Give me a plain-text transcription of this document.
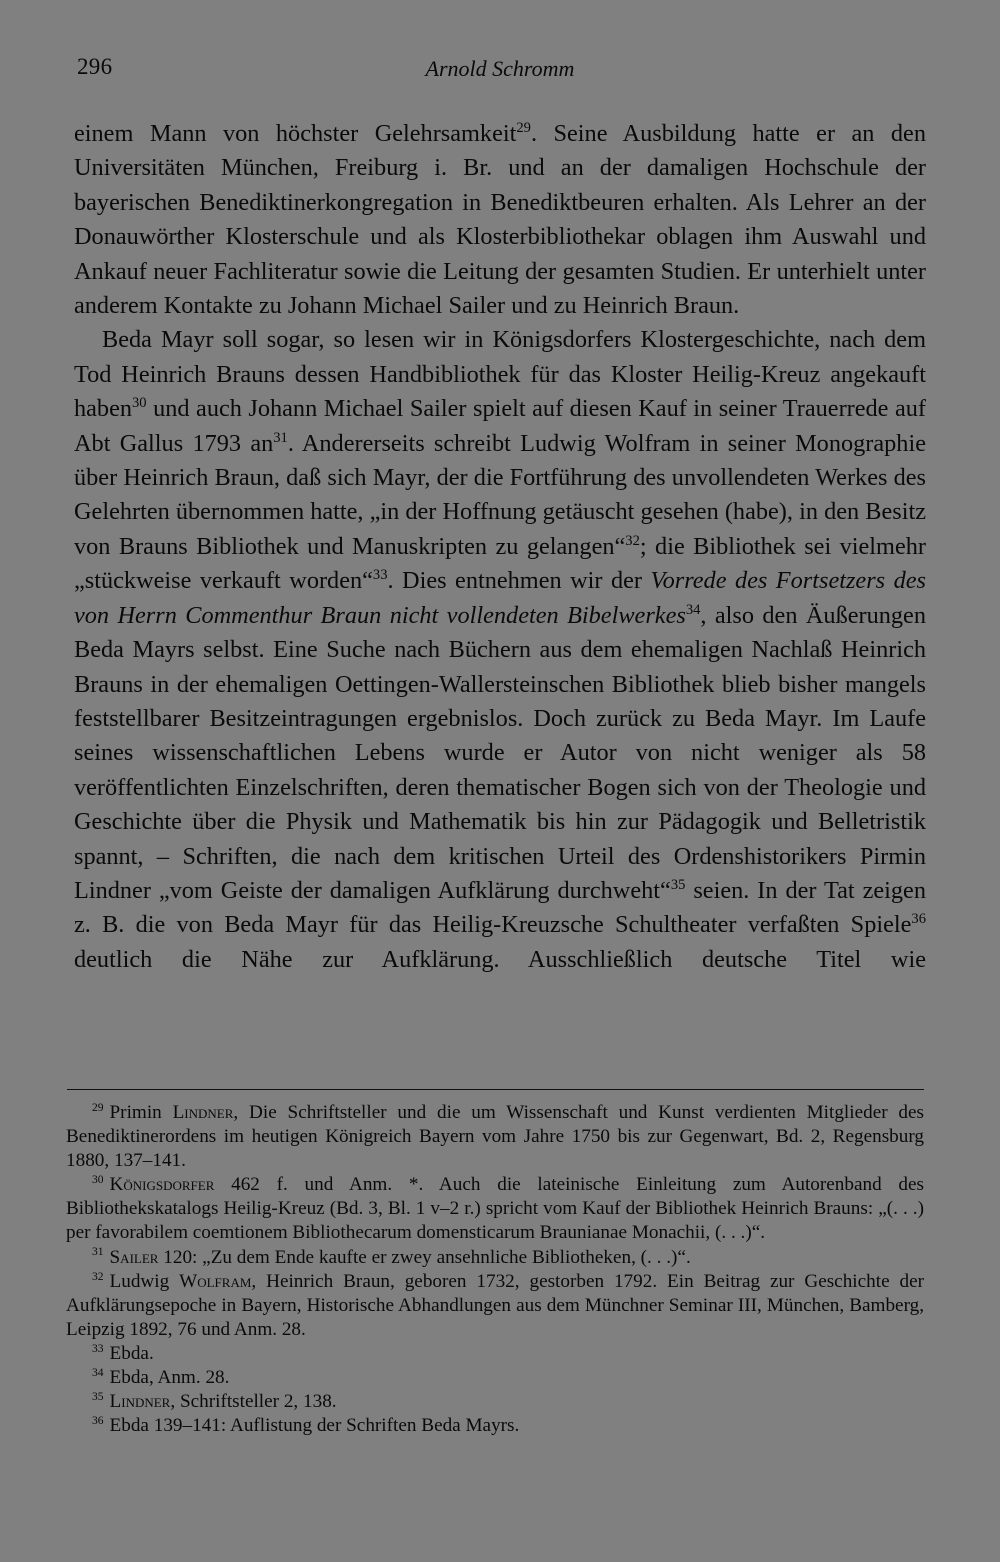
296	Arnold Schromm

einem Mann von höchster Gelehrsamkeit$^{29}$. Seine Ausbildung hatte er an den Universitäten München, Freiburg i. Br. und an der damaligen Hochschule der bayerischen Benediktinerkongregation in Benediktbeuren erhalten. Als Lehrer an der Donauwörther Klosterschule und als Klosterbibliothekar oblagen ihm Auswahl und Ankauf neuer Fachliteratur sowie die Leitung der gesamten Studien. Er unterhielt unter anderem Kontakte zu Johann Michael Sailer und zu Heinrich Braun.

Beda Mayr soll sogar, so lesen wir in Königsdorfers Klostergeschichte, nach dem Tod Heinrich Brauns dessen Handbibliothek für das Kloster Heilig-Kreuz angekauft haben$^{30}$ und auch Johann Michael Sailer spielt auf diesen Kauf in seiner Trauerrede auf Abt Gallus 1793 $an^{31}$. Andererseits schreibt Ludwig Wolfram in seiner Monographie über Heinrich Braun, daß sich Mayr, der die Fortführung des unvollendeten Werkes des Gelehrten übernommen hatte, „in der Hoffnung getäuscht gesehen (habe), in den Besitz von Brauns Bibliothek und Manuskripten zu gelangen“$^{32}$; die Bibliothek sei vielmehr „stückweise verkauft worden“$^{33}$. Dies entnehmen wir der Vorrede des Fortsetzers des von Herrn Commenthur Braun nicht vollendeten Bibelwerkes$^{34}$, also den Äußerungen Beda Mayrs selbst. Eine Suche nach Büchern aus dem ehemaligen Nachlaß Heinrich Brauns in der ehemaligen Oettingen-Wallersteinschen Bibliothek blieb bisher mangels feststellbarer Besitzeintragungen ergebnislos. Doch zurück zu Beda Mayr. Im Laufe seines wissenschaftlichen Lebens wurde er Autor von nicht weniger als 58 veröffentlichten Einzelschriften, deren thematischer Bogen sich von der Theologie und Geschichte über die Physik und Mathematik bis hin zur Pädagogik und Belletristik spannt, – Schriften, die nach dem kritischen Urteil des Ordenshistorikers Pirmin Lindner „vom Geiste der damaligen Aufklärung durchweht“$^{35}$ seien. In der Tat zeigen z. B. die von Beda Mayr für das Heilig-Kreuzsche Schultheater verfaßten Spiele$^{36}$ deutlich die Nähe zur Aufklärung. Ausschließlich deutsche Titel wie

$^{29}$ Primin Lindner, Die Schriftsteller und die um Wissenschaft und Kunst verdienten Mitglieder des Benediktinerordens im heutigen Königreich Bayern vom Jahre 1750 bis zur Gegenwart, Bd. 2, Regensburg 1880, 137–141.

$^{30}$ Königsdorfer 462 f. und Anm. *. Auch die lateinische Einleitung zum Autorenband des Bibliothekskatalogs Heilig-Kreuz (Bd. 3, Bl. 1 v–2 r.) spricht vom Kauf der Bibliothek Heinrich Brauns: „(. . .) per favorabilem coemtionem Bibliothecarum domensticarum Braunianae Monachii, (. . .)“.

$^{31}$ Sailer 120: „Zu dem Ende kaufte er zwey ansehnliche Bibliotheken, (. . .)“.

$^{32}$ Ludwig Wolfram, Heinrich Braun, geboren 1732, gestorben 1792. Ein Beitrag zur Geschichte der Aufklärungsepoche in Bayern, Historische Abhandlungen aus dem Münchner Seminar III, München, Bamberg, Leipzig 1892, 76 und Anm. 28.

$^{33}$ Ebda.

$^{34}$ Ebda, Anm. 28.

$^{35}$ Lindner, Schriftsteller 2, 138.

$^{36}$ Ebda 139–141: Auflistung der Schriften Beda Mayrs.
